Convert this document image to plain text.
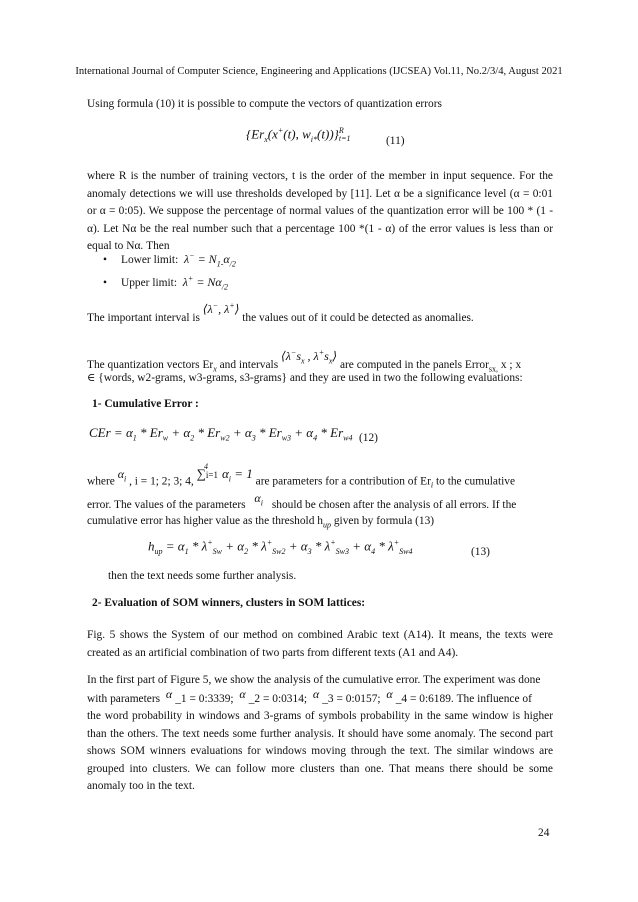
International Journal of Computer Science, Engineering and Applications (IJCSEA) Vol.11, No.2/3/4, August 2021
Using formula (10) it is possible to compute the vectors of quantization errors
{$Er_x(x^+(t)$, $w_{i*}(t)$)} R
t=1	(11)
where R is the number of training vectors, t is the order of the member in input sequence. For the anomaly detections we will use thresholds developed by [11]. Let α be a significance level (α = 0:01 or α = 0:05). We suppose the percentage of normal values of the quantization error will be 100 * (1 - α). Let Nα be the real number such that a percentage 100 *(1 - α) of the error values is less than or equal to Nα. Then
• Lower limit: $\lambda^- = N_{1-}\alpha_{/2}$
• Upper limit: $\lambda^+ = N\alpha_{/2}$
The important interval is ⟨λ−, λ+⟩ the values out of it could be detected as anomalies.
The quantization vectors $Er_x$ and intervals $⟨\lambda^-s_x$ , $\lambda^+s_x⟩$ are computed in the panels Error$_{sx,}$ x ; x
∈ {words, w2-grams, w3-grams, s3-grams} and they are used in two the following evaluations:
1- Cumulative Error :
CEr = $\alpha_1 * Er_w + \alpha_2 * Er_{w2} + \alpha_3 * Er_{w3} + \alpha_4 * Er_{w4}$ (12)
where $\alpha_i$ , i = 1; 2; 3; 4, $\sum i=1^4$ $\alpha_i = 1$ are parameters for a contribution of $Er_i$ to the cumulative
error. The values of the parameters   $\alpha_i$ should be chosen after the analysis of all errors. If the
cumulative error has higher value as the threshold $h_{up}$ given by formula (13)
$h_{up} = \alpha_1 * \lambda^+_{Sw} + \alpha_2 * \lambda^+_{Sw2} + \alpha_3 * \lambda^+_{Sw3} + \alpha_4 * \lambda^+_{Sw4}$	(13)
then the text needs some further analysis.
2- Evaluation of SOM winners, clusters in SOM lattices:
Fig. 5 shows the System of our method on combined Arabic text (A14). It means, the texts were created as an artificial combination of two parts from different texts (A1 and A4).
In the first part of Figure 5, we show the analysis of the cumulative error. The experiment was done
with parameters  α _1 = 0:3339;  α _2 = 0:0314;  α _3 = 0:0157;  α _4 = 0:6189. The influence of
the word probability in windows and 3-grams of symbols probability in the same window is higher than the others. The text needs some further analysis. It should have some anomaly. The second part shows SOM winners evaluations for windows moving through the text. The similar windows are grouped into clusters. We can follow more clusters than one. That means there should be some anomaly too in the text.
24
